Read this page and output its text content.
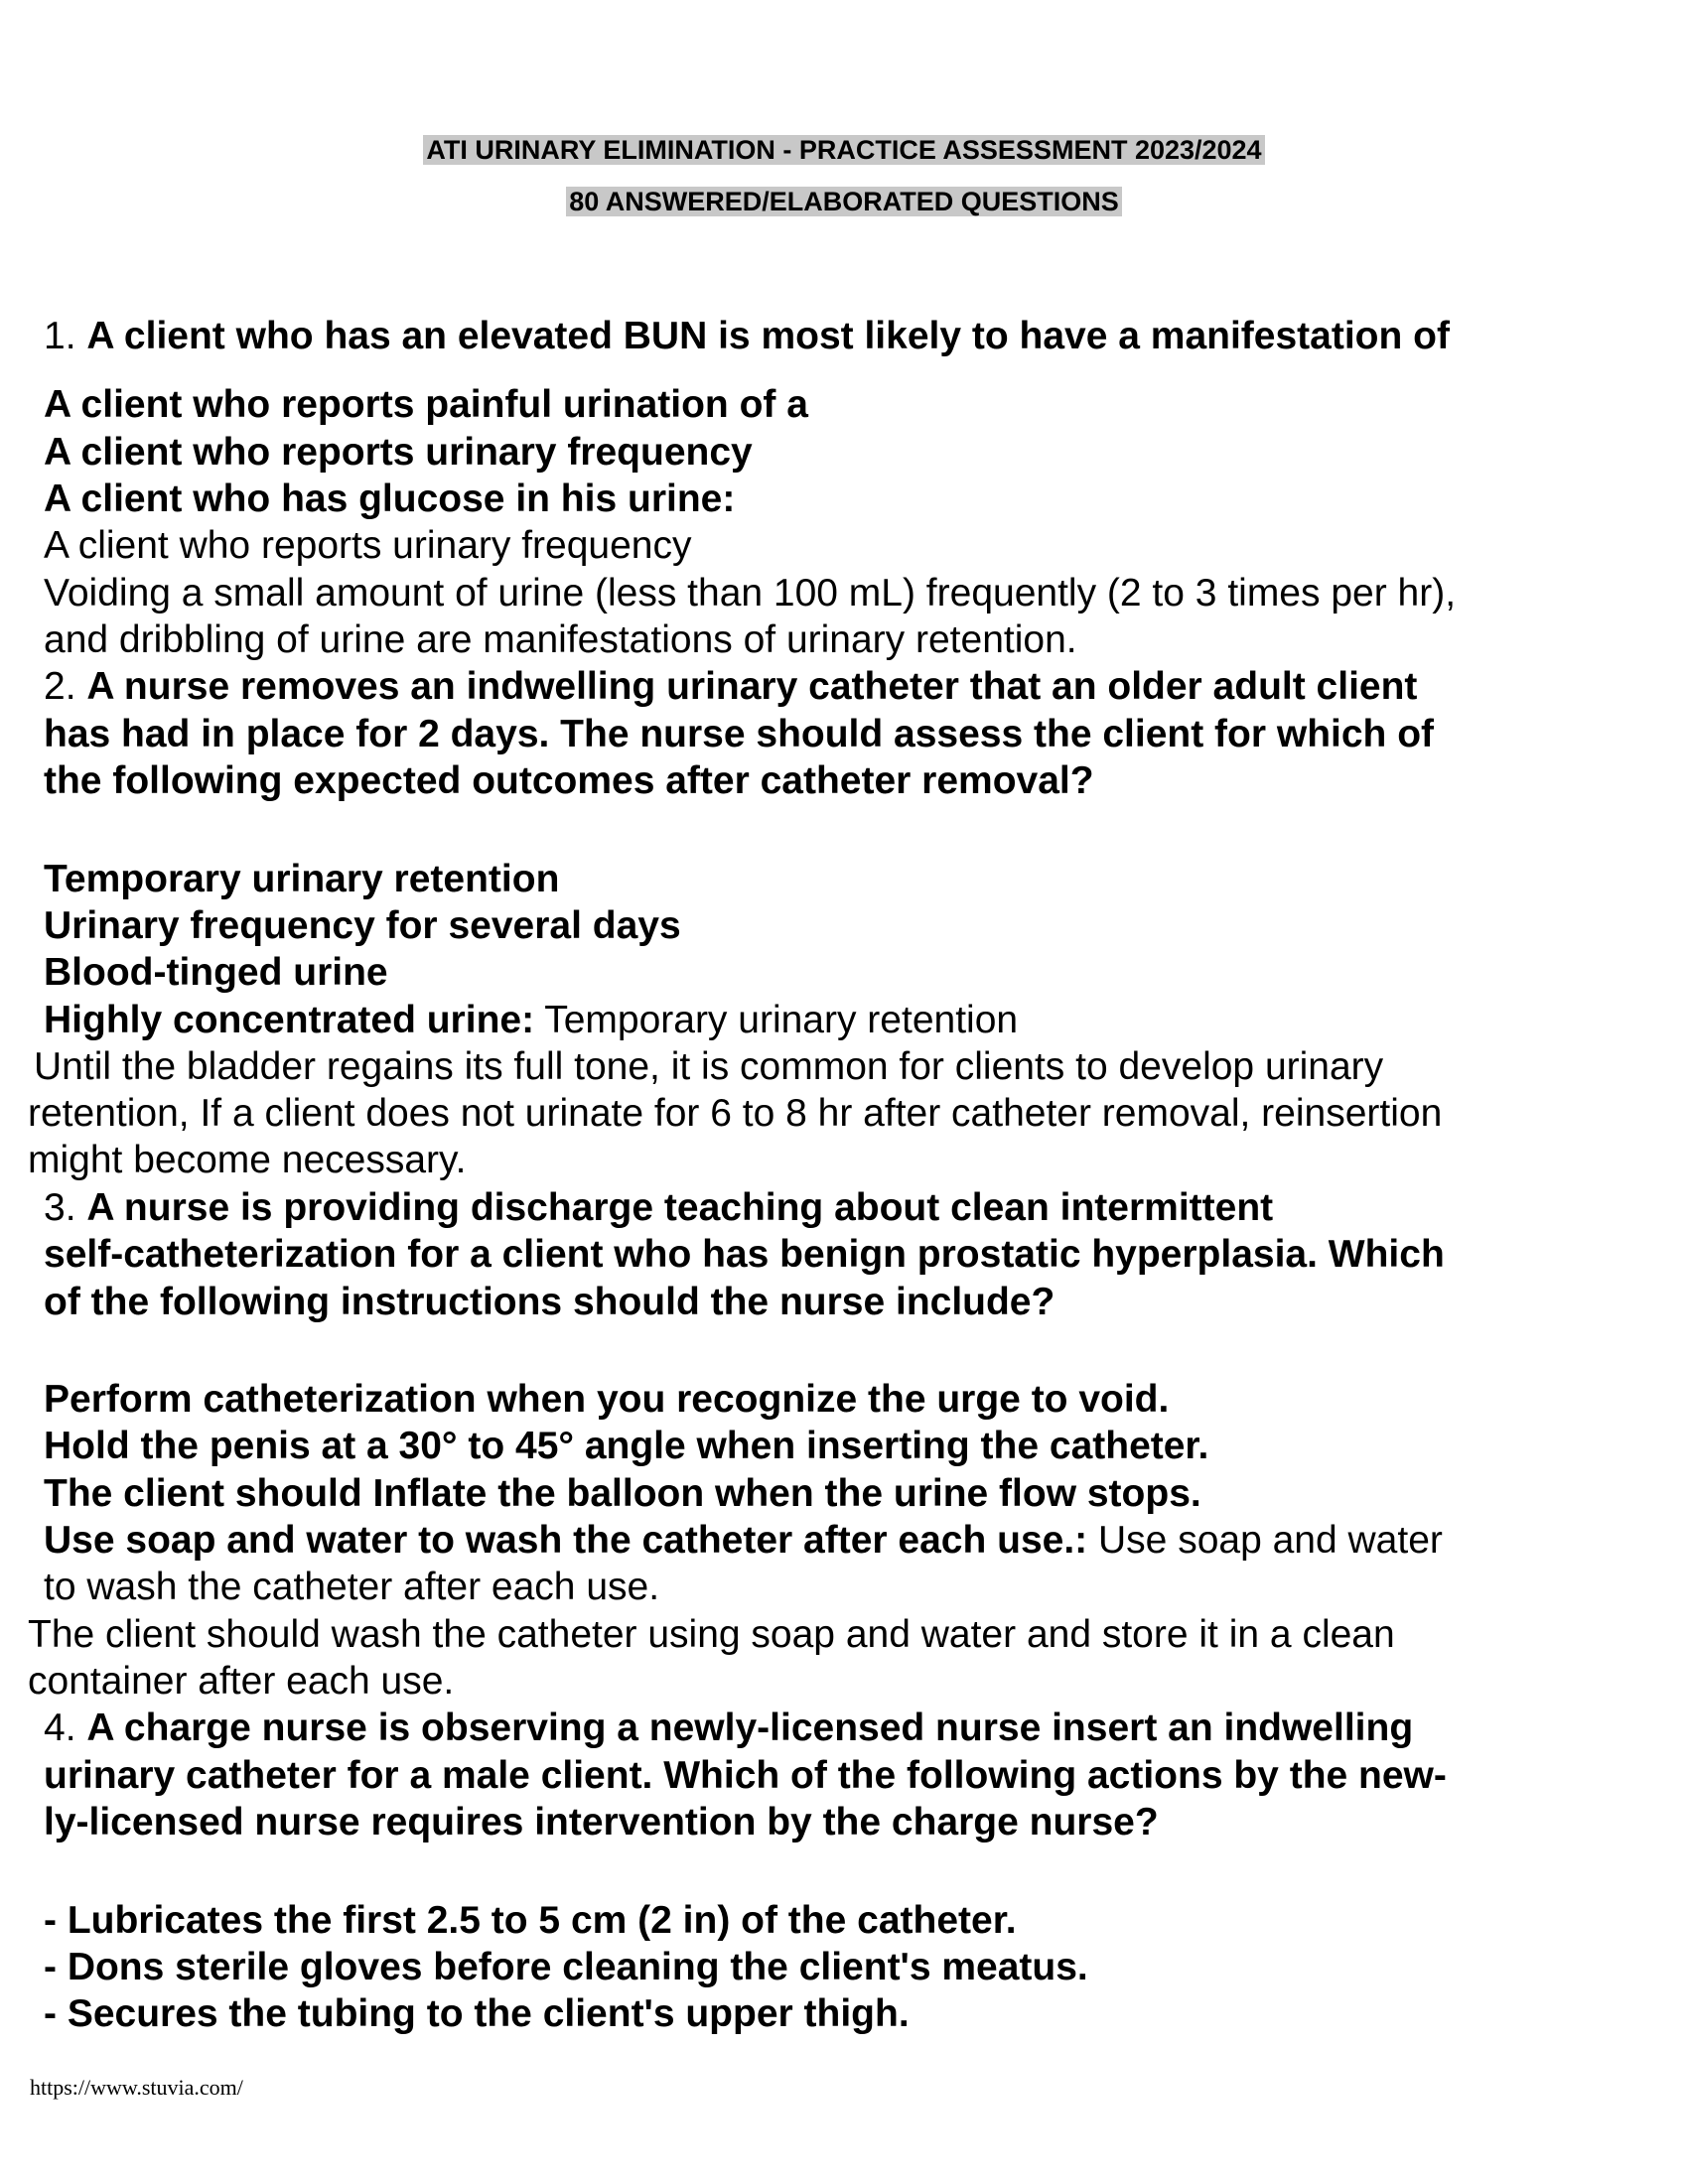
ATI URINARY ELIMINATION - PRACTICE ASSESSMENT 2023/2024
80 ANSWERED/ELABORATED QUESTIONS
1. A client who has an elevated BUN is most likely to have a manifestation of
A client who reports painful urination of a
A client who reports urinary frequency
A client who has glucose in his urine:
A client who reports urinary frequency
Voiding a small amount of urine (less than 100 mL) frequently (2 to 3 times per hr),
and dribbling of urine are manifestations of urinary retention.
2. A nurse removes an indwelling urinary catheter that an older adult client
has had in place for 2 days. The nurse should assess the client for which of
the following expected outcomes after catheter removal?
Temporary urinary retention
Urinary frequency for several days
Blood-tinged urine
Highly concentrated urine: Temporary urinary retention
Until the bladder regains its full tone, it is common for clients to develop urinary
retention, If a client does not urinate for 6 to 8 hr after catheter removal, reinsertion
might become necessary.
3. A nurse is providing discharge teaching about clean intermittent
self-catheterization for a client who has benign prostatic hyperplasia. Which
of the following instructions should the nurse include?
Perform catheterization when you recognize the urge to void.
Hold the penis at a 30° to 45° angle when inserting the catheter.
The client should Inflate the balloon when the urine flow stops.
Use soap and water to wash the catheter after each use.: Use soap and water
to wash the catheter after each use.
The client should wash the catheter using soap and water and store it in a clean
container after each use.
4. A charge nurse is observing a newly-licensed nurse insert an indwelling
urinary catheter for a male client. Which of the following actions by the new-
ly-licensed nurse requires intervention by the charge nurse?
- Lubricates the first 2.5 to 5 cm (2 in) of the catheter.
- Dons sterile gloves before cleaning the client's meatus.
- Secures the tubing to the client's upper thigh.
https://www.stuvia.com/
